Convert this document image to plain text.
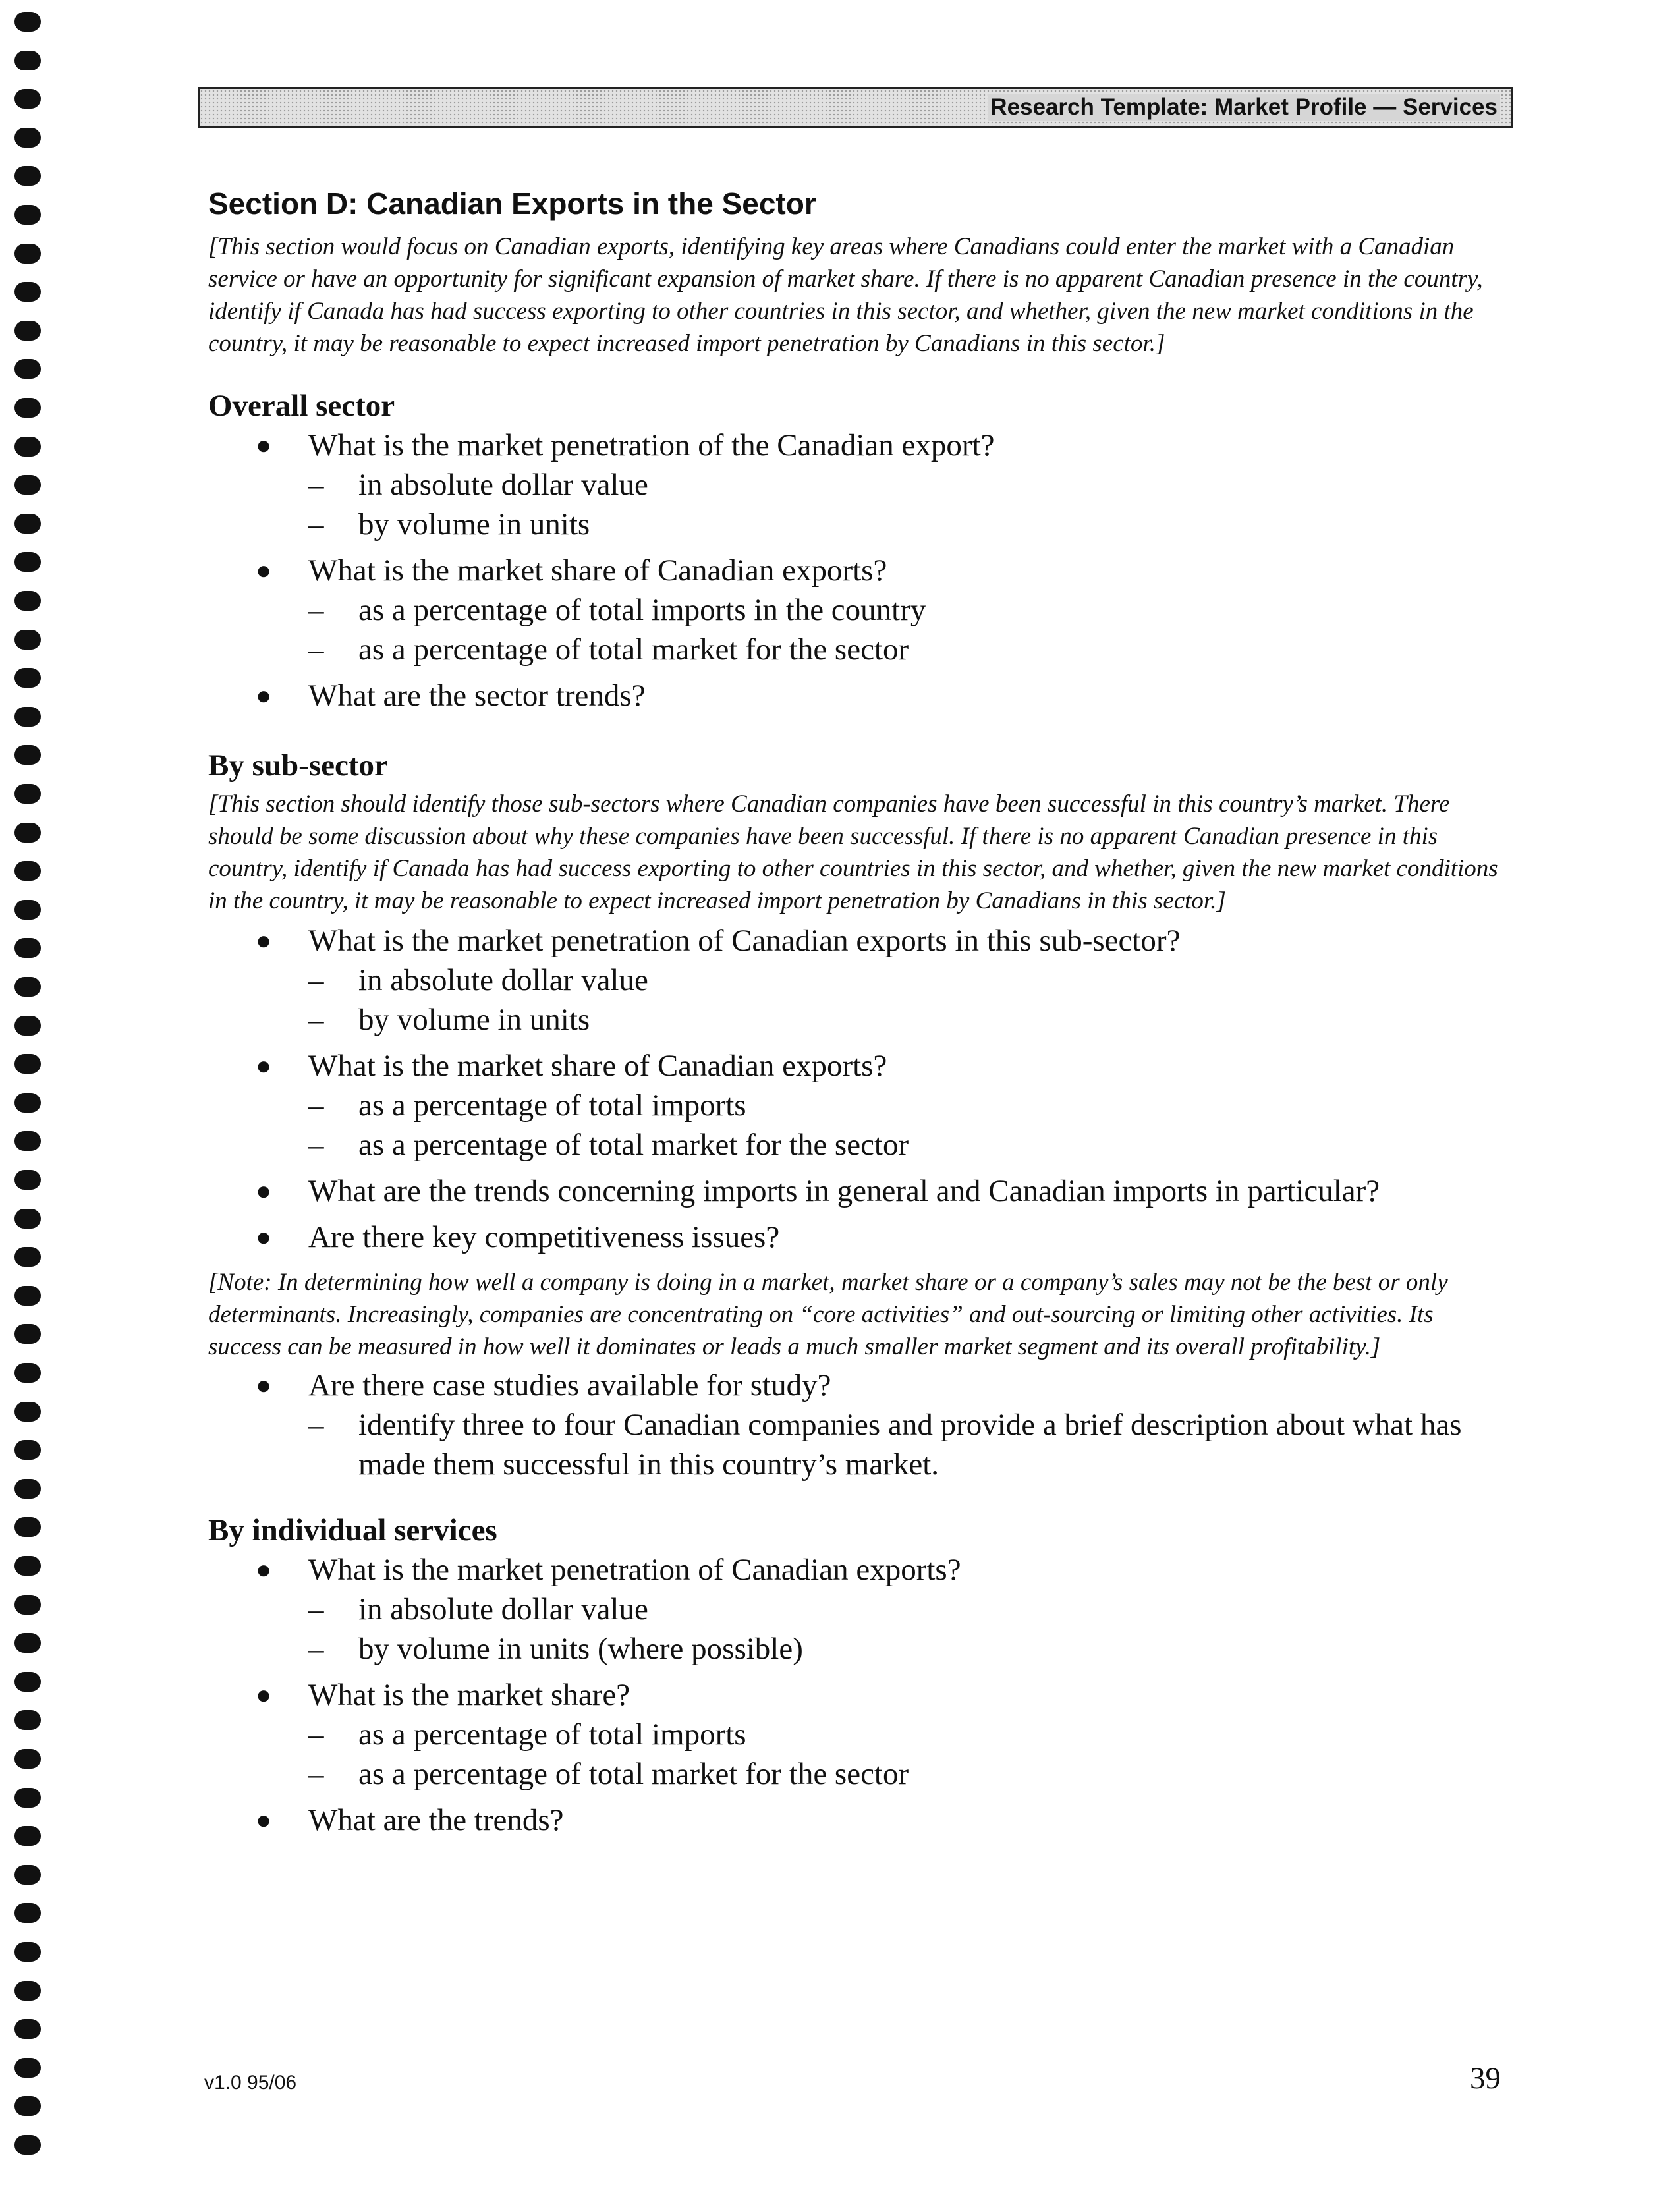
Research Template: Market Profile — Services
Section D: Canadian Exports in the Sector

[This section would focus on Canadian exports, identifying key areas where Canadians could enter the market with a Canadian service or have an opportunity for significant expansion of market share. If there is no apparent Canadian presence in the country, identify if Canada has had success exporting to other countries in this sector, and whether, given the new market conditions in the country, it may be reasonable to expect increased import penetration by Canadians in this sector.]

Overall sector
● What is the market penetration of the Canadian export?
– in absolute dollar value
– by volume in units
● What is the market share of Canadian exports?
– as a percentage of total imports in the country
– as a percentage of total market for the sector
● What are the sector trends?
By sub-sector

[This section should identify those sub-sectors where Canadian companies have been successful in this country’s market. There should be some discussion about why these companies have been successful. If there is no apparent Canadian presence in this country, identify if Canada has had success exporting to other countries in this sector, and whether, given the new market conditions in the country, it may be reasonable to expect increased import penetration by Canadians in this sector.]

● What is the market penetration of Canadian exports in this sub-sector?
– in absolute dollar value
– by volume in units
● What is the market share of Canadian exports?
– as a percentage of total imports
– as a percentage of total market for the sector
● What are the trends concerning imports in general and Canadian imports in particular?
● Are there key competitiveness issues?

[Note: In determining how well a company is doing in a market, market share or a company’s sales may not be the best or only determinants. Increasingly, companies are concentrating on “core activities” and out-sourcing or limiting other activities. Its success can be measured in how well it dominates or leads a much smaller market segment and its overall profitability.]

● Are there case studies available for study?
– identify three to four Canadian companies and provide a brief description about what has made them successful in this country’s market.
By individual services
● What is the market penetration of Canadian exports?
– in absolute dollar value
– by volume in units (where possible)
● What is the market share?
– as a percentage of total imports
– as a percentage of total market for the sector
● What are the trends?
v1.0 95/06	39
